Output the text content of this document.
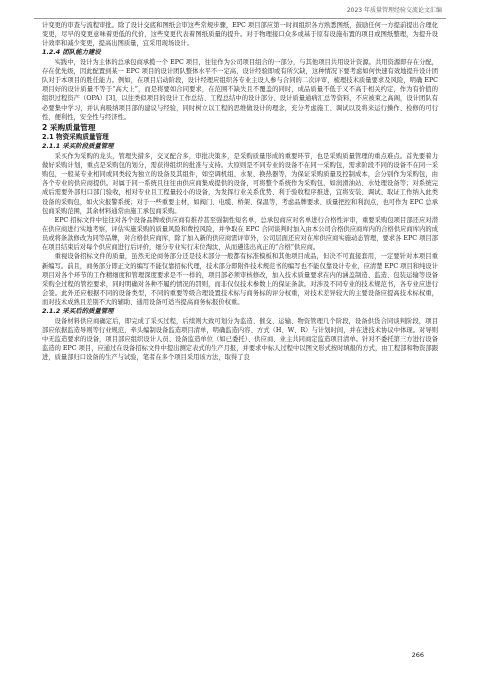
2023 年质量管理经验交流论文汇编

计变更的审查与流程审批。除了设计交底和图纸会审这些常规步骤，EPC 项目部应第一时间组织各方熟悉图纸，鼓励任何一方提前提出合理化变更，尽早的变更意味着更低的代价，这些变更代表着图纸质量的提升。对于物理接口众多或基于原有设施布置的项目或图纸整理，为提升设计效率和减少变更，提高出图质量，宜采用现场设计。

1.2.4 团队能力建设

实践中，设计为主体的总承包商承揽一个 EPC 项目，往往作为公司项目组合的一部分，与其他项目共用设计资源。共用资源即存在分配，存在优先级，因此配置到某一 EPC 项目的设计团队整体水平不一定高，设计经验即或有所欠缺，这种情况下要考虑如何快速有效地提升设计团队对于本项目的胜任能力。例如，在项目启动阶段，设计经理应组织各专业主设人参与合同的二次评审，梳理技术质量要求及风险，明确 EPC 项目好的设计质量不等于“高大上”，而是将要如合同要求，在范围不缺失且不覆盖的同时，成品质量不低于又不高于相关约定，作为有价值的组织过程资产（OPA）[3]，以往类似项目的设计工作总结、工程总结中的设计部分、设计质量通病汇总等资料，不应被束之高阁，设计团队有必要集中学习，并认真吸纳项目部的建议与经验，同时树立以工程的思维做设计的理念，充分考虑施工、调试以及将来运行操作、检修的可行性，便利性，安全性与经济性。

2 采购质量管理
2.1 物资采购质量管理
2.1.1 采买阶段质量管理

采买作为采购的龙头，管理失措多，交叉配合多，审批决策多，是采购质量形成的重要环节，也是采购质量管理的重点难点。首先要着力做好采购计划，重点是采购包的划分，需获得组织的批准与支持。大原则是不同专业的设备不在同一采购包，需求阶段不同的设备不在同一采购包，一般某专业相同或同类较为独立的设备及其组件，如空调机组、水泵、换热器等，为保证采购质量及控制成本，会分别作为采购包，由各个专业的供应商提供。对属于同一系统且往往由供应商集成提供的设备，可将整个系统作为采购包，如润滑油站、水处理设备等；对系统完成后需要外部归口部门验收，相对专业且工程量较小的设备，为发挥行业关系优势、利于验收程序推进，宜将安装、调试、取证工作纳入此类设备的采购包，如火灾报警系统；对于一些重要主材，如阀门、电缆、桥架、保温等，考虑品牌要求、质量把控和利润点，也可作为 EPC 总承包商采购范围，其余材料通常由施工承包商采购。

EPC 招标文件中往往对各个设备品牌或供应商有推荐甚至强制性短名单，总承包商应对名单进行合格性评审，重要采购包项目部还应对潜在供应商进行实地考察，评估实施采购的质量风险和费控风险，并争取在 EPC 合同谈判时加入由本公司合格供应商库内的合格供应商库内的成员或将条款修改为同等品牌，对合格供应商库，除了加入新的供应商需评审外，公司层面还应对在库供应商实施动态管理，要求各 EPC 项目部在项目结束后对每个供应商进行后评价，细分专业实行末位淘汰，从而遴选出真正的“合格”供应商。

重视设备招标文件的质量，虽然无论商务部分还是技术部分一般都有标准模板和其他项目成品，但决不可直接套用，一定要针对本项目重新编写。前且，商务部分即正文的编写不能仅靠招标代理，技术部分即附件技术规范书的编写也不能仅靠设计专业，应清楚 EPC 项目和纯设计项目对各个环节的工作精细度和管理深度要求是不一样的，项目部必须审核修改，加入技术质量要求在内的涵盖制造、监造、包装运输等设备采购全过程的管控要求，同时明确对各种不履约情况的罚则，而非仅仅技术参数上的保证条款。对涉及不同专业的技术规范书，各专业应进行会签。此外还应根据不同的设备类型，不同的重要等级合理设置技术标与商务标的评分权重，对技术差异较大的主要设备应提高技术标权重，而对技术成熟且差别不大的辅助、通用设备可适当提高商务标报价权重。

2.1.2 采买后的质量管理

设备材料供应商确定后，即完成了采买过程，后续则大致可划分为监造、催交、运输、物资管理几个阶段，设备供货合同谈判阶段，项目部应依据监造导则等行业规范，牵头编制设备监造项目清单，明确监造内容、方式（H、W、R）与计划时间，并在进技术协议中体现。对导则中无监造要求的设备，项目部应组织设计人员、设备监造单位（如已委托）、供应商、业主共同商定监造项目清单。针对不委托第三方进行设备监造的 EPC 项目，应通过在设备招标文件中提出测定表式的生产月报，并要求中标人过程中以图文形式按时填报的方式，由工程部和物资部跟进，质量部归口设备的生产与试验，笔者在多个项目采用该方法，取得了良

266
